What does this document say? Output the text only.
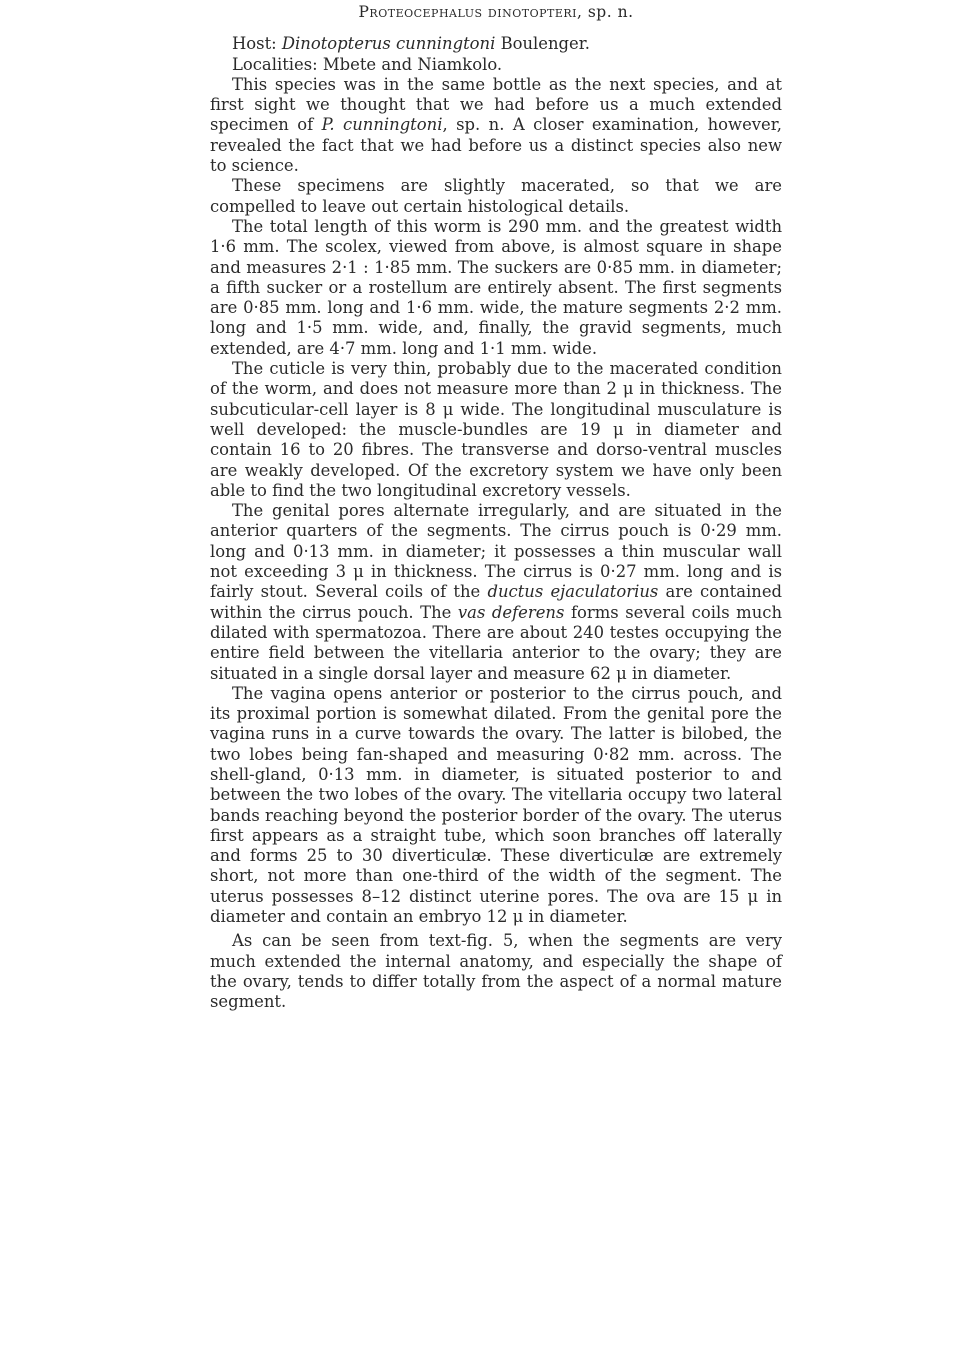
Proteocephalus dinotopteri, sp. n.

Host: Dinotopterus cunningtoni Boulenger.

Localities: Mbete and Niamkolo.

This species was in the same bottle as the next species, and at first sight we thought that we had before us a much extended specimen of P. cunningtoni, sp. n. A closer examination, however, revealed the fact that we had before us a distinct species also new to science.

These specimens are slightly macerated, so that we are compelled to leave out certain histological details.

The total length of this worm is 290 mm. and the greatest width 1·6 mm. The scolex, viewed from above, is almost square in shape and measures 2·1 : 1·85 mm. The suckers are 0·85 mm. in diameter; a fifth sucker or a rostellum are entirely absent. The first segments are 0·85 mm. long and 1·6 mm. wide, the mature segments 2·2 mm. long and 1·5 mm. wide, and, finally, the gravid segments, much extended, are 4·7 mm. long and 1·1 mm. wide.

The cuticle is very thin, probably due to the macerated condition of the worm, and does not measure more than 2 μ in thickness. The subcuticular-cell layer is 8 μ wide. The longitudinal musculature is well developed: the muscle-bundles are 19 μ in diameter and contain 16 to 20 fibres. The transverse and dorso-ventral muscles are weakly developed. Of the excretory system we have only been able to find the two longitudinal excretory vessels.

The genital pores alternate irregularly, and are situated in the anterior quarters of the segments. The cirrus pouch is 0·29 mm. long and 0·13 mm. in diameter; it possesses a thin muscular wall not exceeding 3 μ in thickness. The cirrus is 0·27 mm. long and is fairly stout. Several coils of the ductus ejaculatorius are contained within the cirrus pouch. The vas deferens forms several coils much dilated with spermatozoa. There are about 240 testes occupying the entire field between the vitellaria anterior to the ovary; they are situated in a single dorsal layer and measure 62 μ in diameter.

The vagina opens anterior or posterior to the cirrus pouch, and its proximal portion is somewhat dilated. From the genital pore the vagina runs in a curve towards the ovary. The latter is bilobed, the two lobes being fan-shaped and measuring 0·82 mm. across. The shell-gland, 0·13 mm. in diameter, is situated posterior to and between the two lobes of the ovary. The vitellaria occupy two lateral bands reaching beyond the posterior border of the ovary. The uterus first appears as a straight tube, which soon branches off laterally and forms 25 to 30 diverticulæ. These diverticulæ are extremely short, not more than one-third of the width of the segment. The uterus possesses 8–12 distinct uterine pores. The ova are 15 μ in diameter and contain an embryo 12 μ in diameter.

As can be seen from text-fig. 5, when the segments are very much extended the internal anatomy, and especially the shape of the ovary, tends to differ totally from the aspect of a normal mature segment.
